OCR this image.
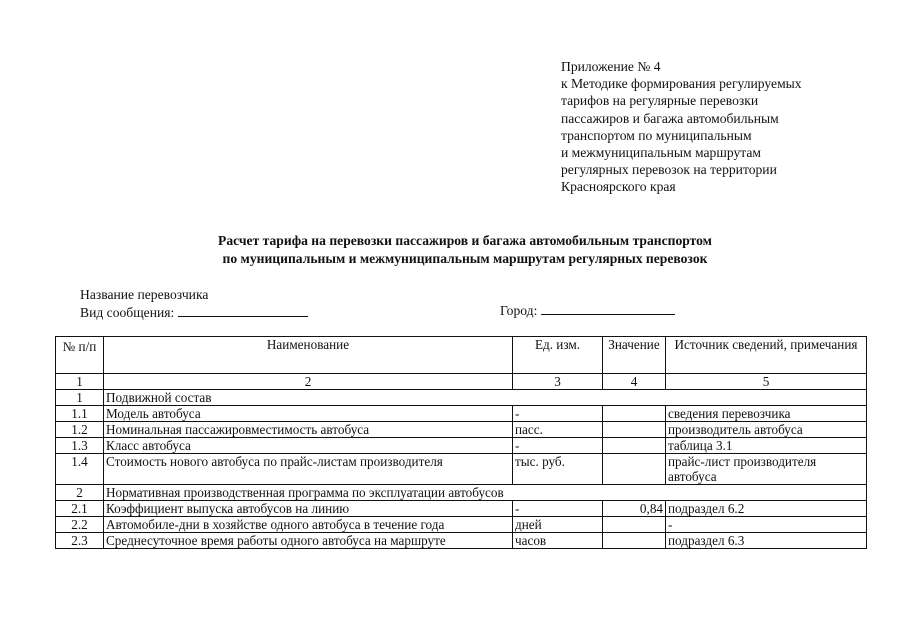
Приложение № 4
к Методике формирования регулируемых
тарифов на регулярные перевозки
пассажиров и багажа автомобильным
транспортом по муниципальным
и межмуниципальным маршрутам
регулярных перевозок на территории
Красноярского края
Расчет тарифа на перевозки пассажиров и багажа автомобильным транспортом
по муниципальным и межмуниципальным маршрутам регулярных перевозок
Название перевозчика
Вид сообщения:	Город:
№ п/п	Наименование	Ед. изм.	Значение	Источник сведений, примечания
1	2	3	4	5
1	Подвижной состав			
1.1	Модель автобуса	-		сведения перевозчика
1.2	Номинальная пассажировместимость автобуса	пасс.		производитель автобуса
1.3	Класс автобуса	-		таблица 3.1
1.4	Стоимость нового автобуса по прайс-листам производителя	тыс. руб.		прайс-лист производителя автобуса
2	Нормативная производственная программа по эксплуатации автобусов			
2.1	Коэффициент выпуска автобусов на линию	-	0,84	подраздел 6.2
2.2	Автомобиле-дни в хозяйстве одного автобуса в течение года	дней		-
2.3	Среднесуточное время работы одного автобуса на маршруте	часов		подраздел 6.3
